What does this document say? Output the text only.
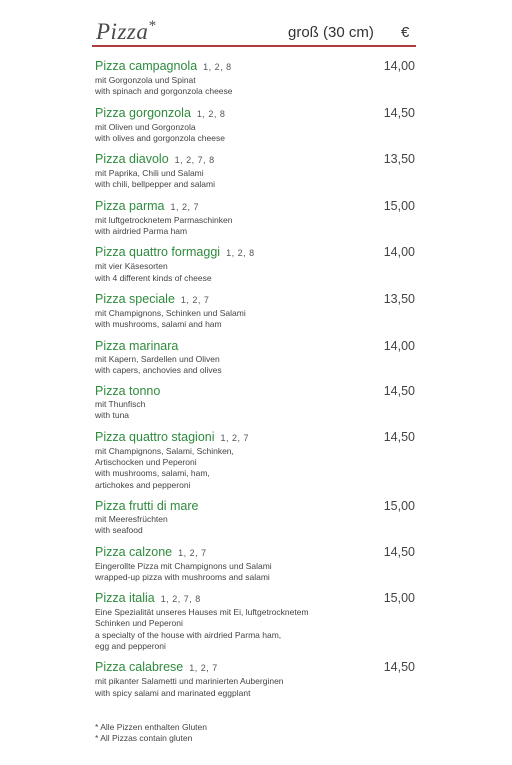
Pizza *	groß (30 cm) €
Pizza campagnola 1, 2, 8
mit Gorgonzola und Spinat
with spinach and gorgonzola cheese
14,00
Pizza gorgonzola 1, 2, 8
mit Oliven und Gorgonzola
with olives and gorgonzola cheese
14,50
Pizza diavolo 1, 2, 7, 8
mit Paprika, Chili und Salami
with chili, bellpepper and salami
13,50
Pizza parma 1, 2, 7
mit luftgetrocknetem Parmaschinken
with airdried Parma ham
15,00
Pizza quattro formaggi 1, 2, 8
mit vier Käsesorten
with 4 different kinds of cheese
14,00
Pizza speciale 1, 2, 7
mit Champignons, Schinken und Salami
with mushrooms, salami and ham
13,50
Pizza marinara
mit Kapern, Sardellen und Oliven
with capers, anchovies and olives
14,00
Pizza tonno
mit Thunfisch
with tuna
14,50
Pizza quattro stagioni 1, 2, 7
mit Champignons, Salami, Schinken,
Artischocken und Peperoni
with mushrooms, salami, ham,
artichokes and pepperoni
14,50
Pizza frutti di mare
mit Meeresfrüchten
with seafood
15,00
Pizza calzone 1, 2, 7
Eingerollte Pizza mit Champignons und Salami
wrapped-up pizza with mushrooms and salami
14,50
Pizza italia 1, 2, 7, 8
Eine Spezialität unseres Hauses mit Ei, luftgetrocknetem
Schinken und Peperoni
a specialty of the house with airdried Parma ham,
egg and pepperoni
15,00
Pizza calabrese 1, 2, 7
mit pikanter Salametti und marinierten Auberginen
with spicy salami and marinated eggplant
14,50
* Alle Pizzen enthalten Gluten
* All Pizzas contain gluten
